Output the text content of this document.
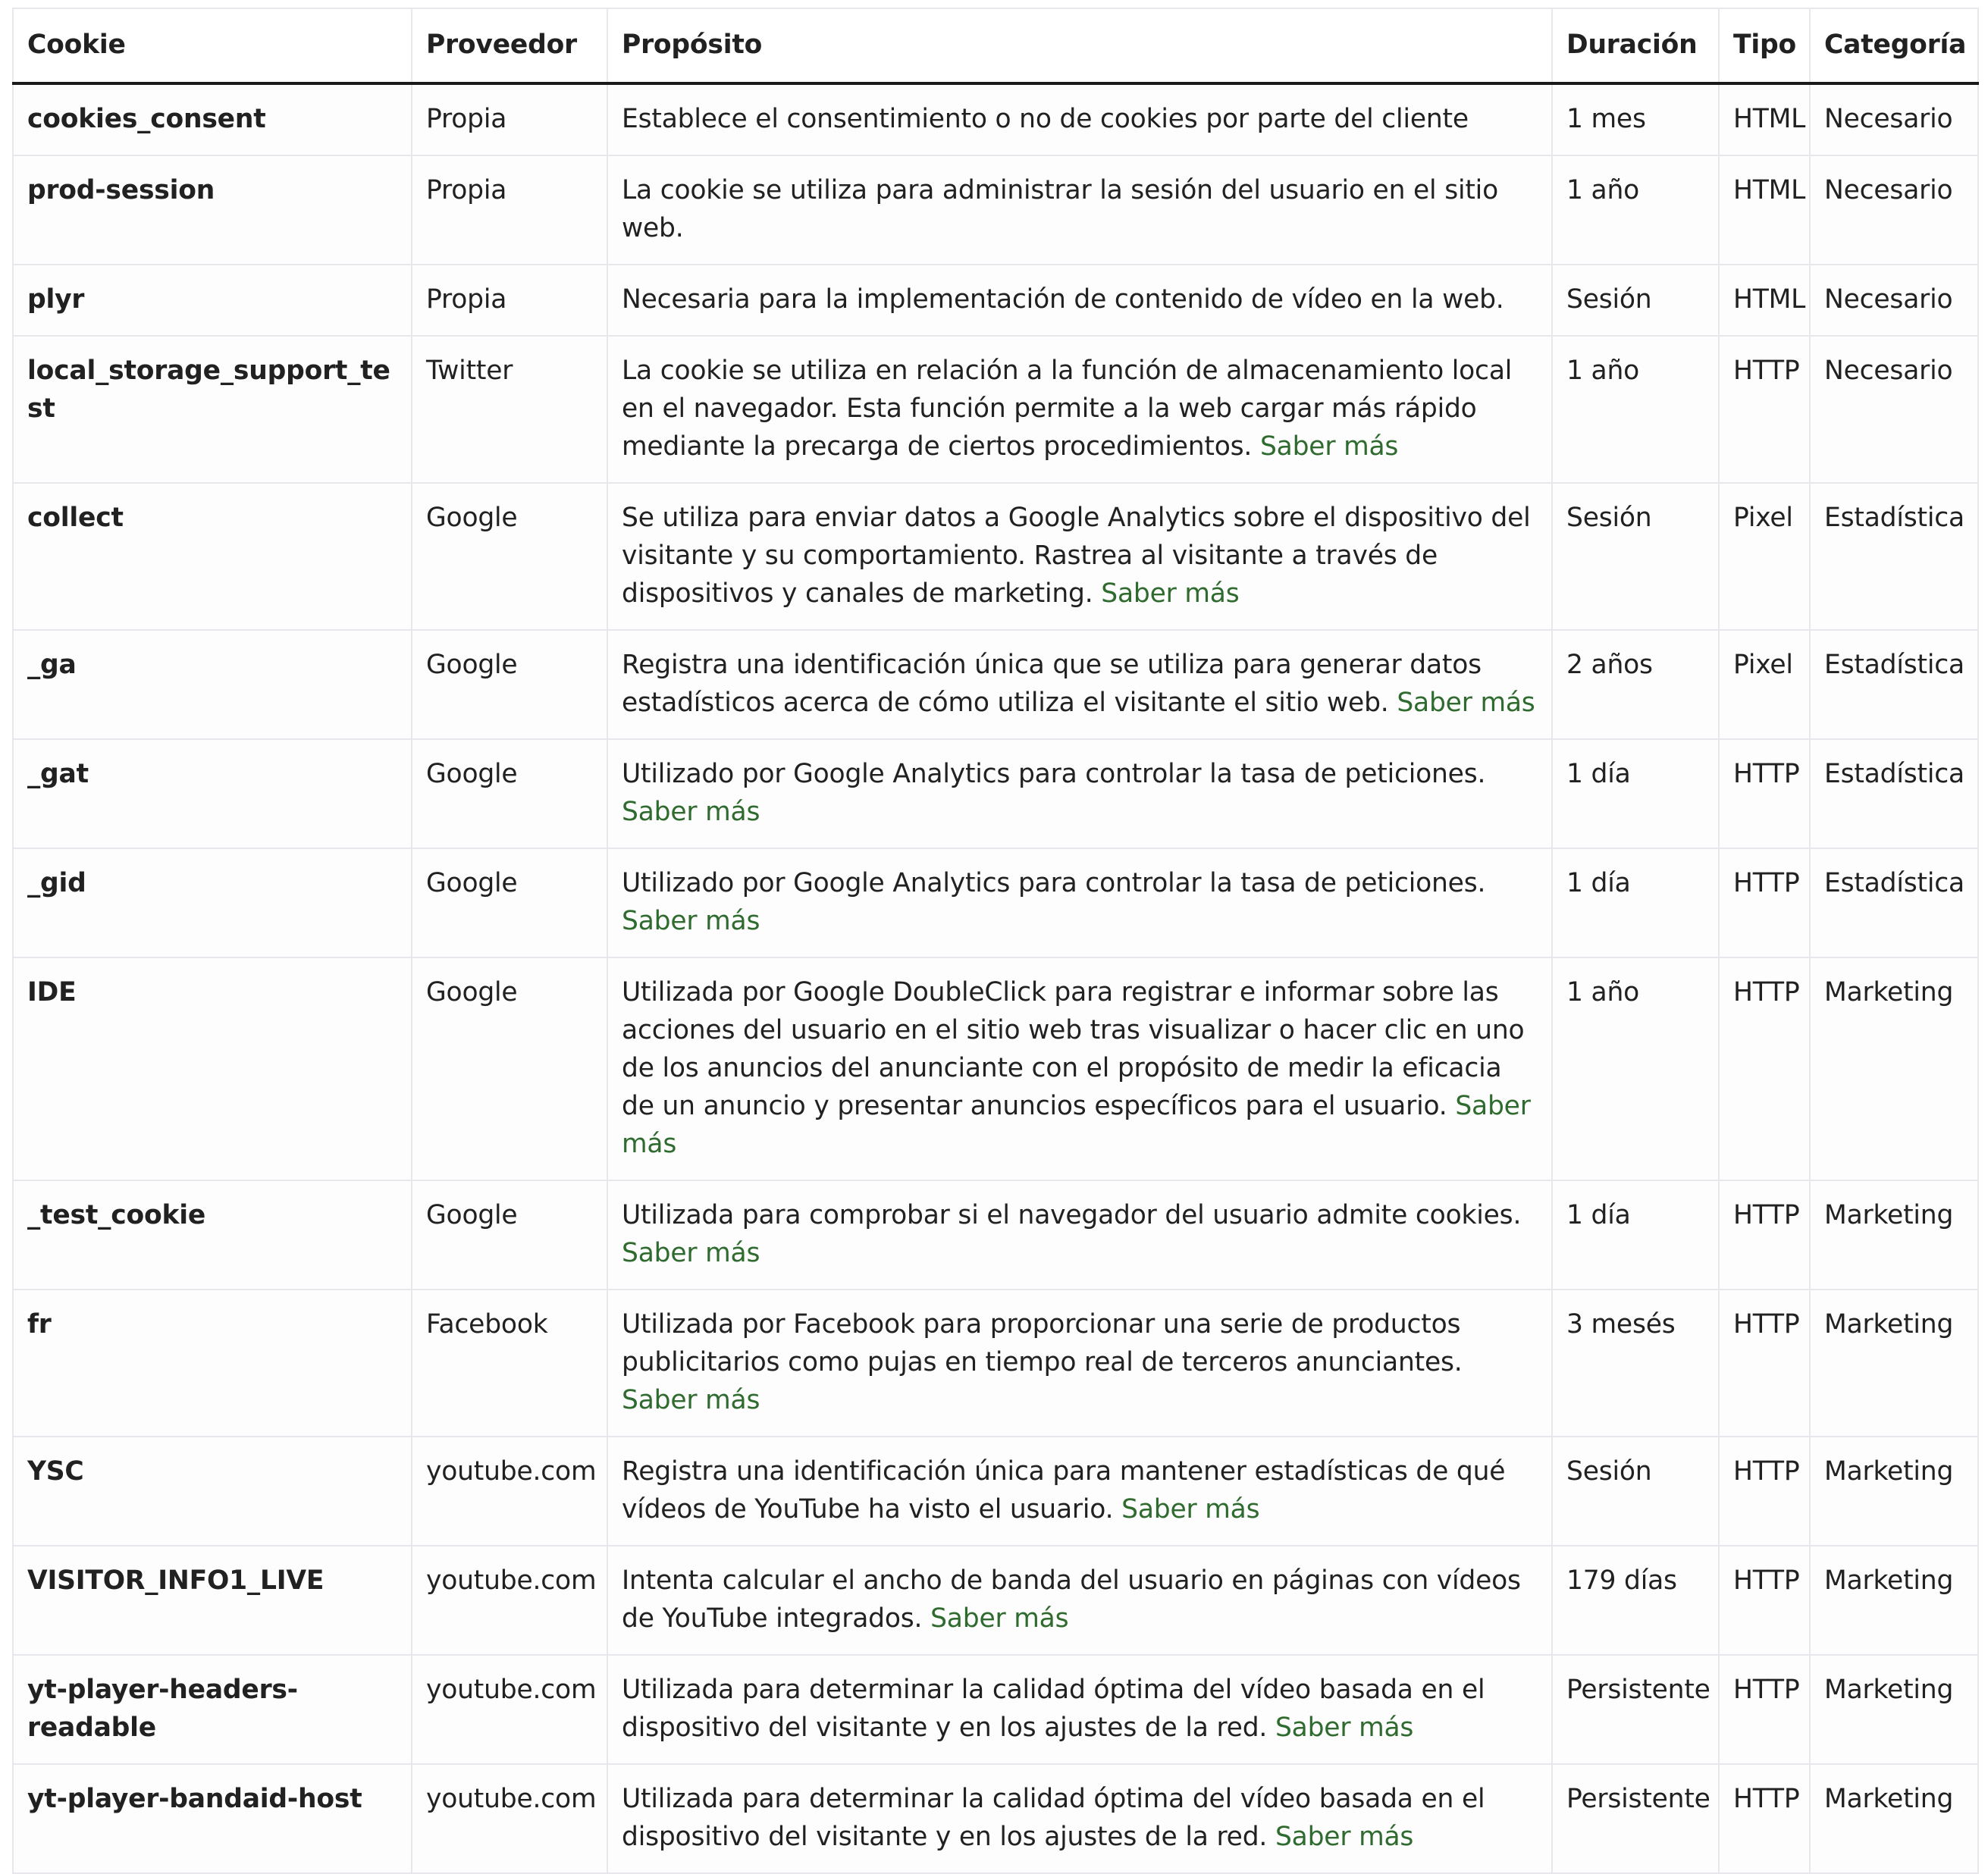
Cookie	Proveedor	Propósito	Duración	Tipo	Categoría
cookies_consent	Propia	Establece el consentimiento o no de cookies por parte del cliente	1 mes	HTML	Necesario
prod-session	Propia	La cookie se utiliza para administrar la sesión del usuario en el sitio web.	1 año	HTML	Necesario
plyr	Propia	Necesaria para la implementación de contenido de vídeo en la web.	Sesión	HTML	Necesario
local_storage_support_test	Twitter	La cookie se utiliza en relación a la función de almacenamiento local en el navegador. Esta función permite a la web cargar más rápido mediante la precarga de ciertos procedimientos. Saber más	1 año	HTTP	Necesario
collect	Google	Se utiliza para enviar datos a Google Analytics sobre el dispositivo del visitante y su comportamiento. Rastrea al visitante a través de dispositivos y canales de marketing. Saber más	Sesión	Pixel	Estadística
_ga	Google	Registra una identificación única que se utiliza para generar datos estadísticos acerca de cómo utiliza el visitante el sitio web. Saber más	2 años	Pixel	Estadística
_gat	Google	Utilizado por Google Analytics para controlar la tasa de peticiones. Saber más	1 día	HTTP	Estadística
_gid	Google	Utilizado por Google Analytics para controlar la tasa de peticiones. Saber más	1 día	HTTP	Estadística
IDE	Google	Utilizada por Google DoubleClick para registrar e informar sobre las acciones del usuario en el sitio web tras visualizar o hacer clic en uno de los anuncios del anunciante con el propósito de medir la eficacia de un anuncio y presentar anuncios específicos para el usuario. Saber más	1 año	HTTP	Marketing
_test_cookie	Google	Utilizada para comprobar si el navegador del usuario admite cookies. Saber más	1 día	HTTP	Marketing
fr	Facebook	Utilizada por Facebook para proporcionar una serie de productos publicitarios como pujas en tiempo real de terceros anunciantes. Saber más	3 mesés	HTTP	Marketing
YSC	youtube.com	Registra una identificación única para mantener estadísticas de qué vídeos de YouTube ha visto el usuario. Saber más	Sesión	HTTP	Marketing
VISITOR_INFO1_LIVE	youtube.com	Intenta calcular el ancho de banda del usuario en páginas con vídeos de YouTube integrados. Saber más	179 días	HTTP	Marketing
yt-player-headers-readable	youtube.com	Utilizada para determinar la calidad óptima del vídeo basada en el dispositivo del visitante y en los ajustes de la red. Saber más	Persistente	HTTP	Marketing
yt-player-bandaid-host	youtube.com	Utilizada para determinar la calidad óptima del vídeo basada en el dispositivo del visitante y en los ajustes de la red. Saber más	Persistente	HTTP	Marketing
